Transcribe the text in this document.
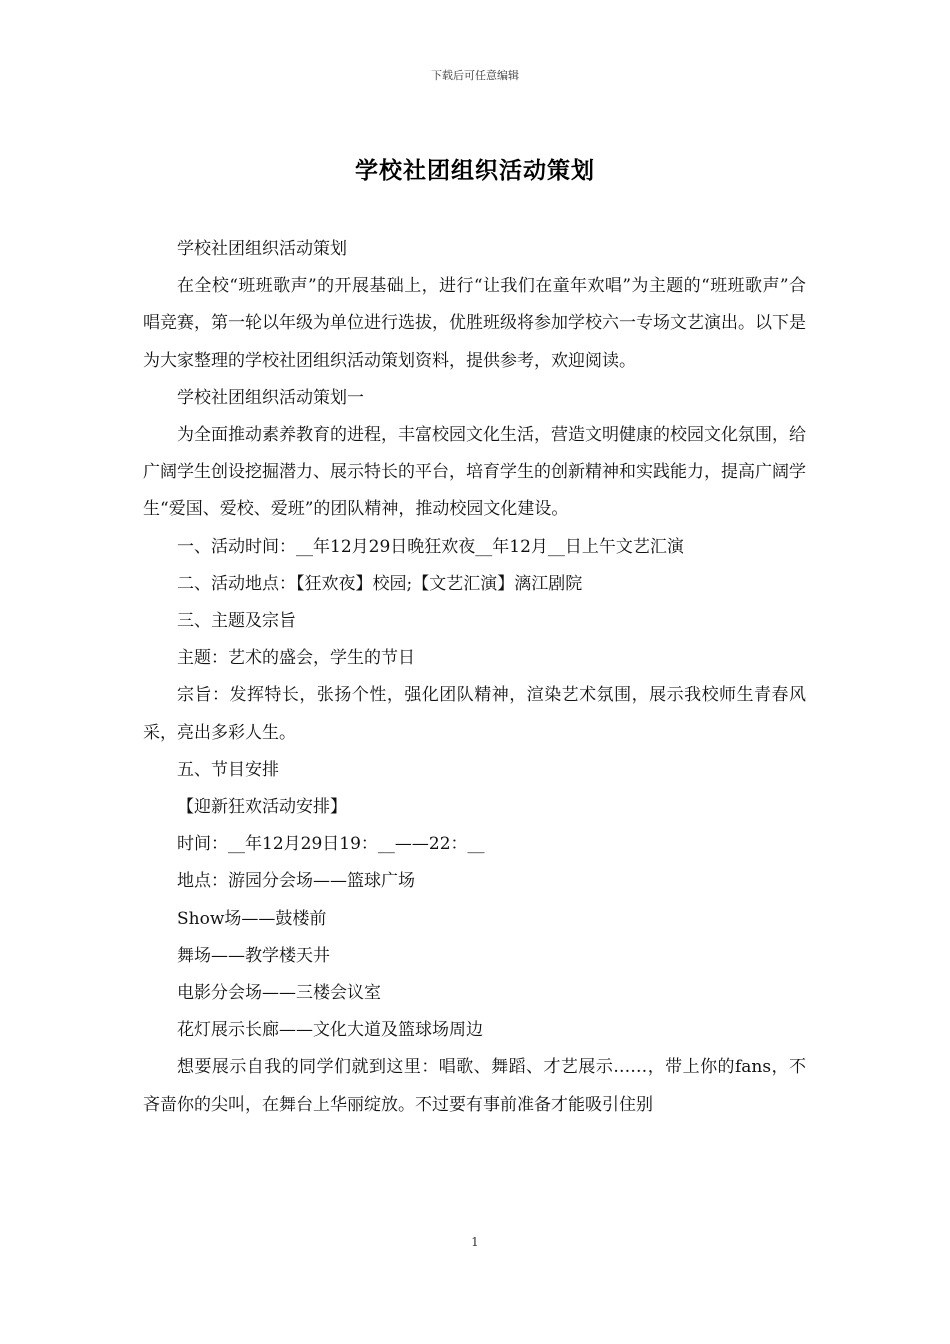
下载后可任意编辑
学校社团组织活动策划

学校社团组织活动策划

在全校“班班歌声”的开展基础上，进行“让我们在童年欢唱”为主题的“班班歌声”合唱竞赛，第一轮以年级为单位进行选拔，优胜班级将参加学校六一专场文艺演出。以下是为大家整理的学校社团组织活动策划资料，提供参考，欢迎阅读。

学校社团组织活动策划一

为全面推动素养教育的进程，丰富校园文化生活，营造文明健康的校园文化氛围，给广阔学生创设挖掘潜力、展示特长的平台，培育学生的创新精神和实践能力，提高广阔学生“爱国、爱校、爱班”的团队精神，推动校园文化建设。

一、活动时间：__年12月29日晚狂欢夜__年12月__日上午文艺汇演

二、活动地点：【狂欢夜】校园;【文艺汇演】漓江剧院

三、主题及宗旨

主题：艺术的盛会，学生的节日

宗旨：发挥特长，张扬个性，强化团队精神，渲染艺术氛围，展示我校师生青春风采，亮出多彩人生。

五、节目安排

【迎新狂欢活动安排】

时间：__年12月29日19：__——22：__

地点：游园分会场——篮球广场

Show场——鼓楼前

舞场——教学楼天井

电影分会场——三楼会议室

花灯展示长廊——文化大道及篮球场周边

想要展示自我的同学们就到这里：唱歌、舞蹈、才艺展示……，带上你的fans，不吝啬你的尖叫，在舞台上华丽绽放。不过要有事前准备才能吸引住别

1
